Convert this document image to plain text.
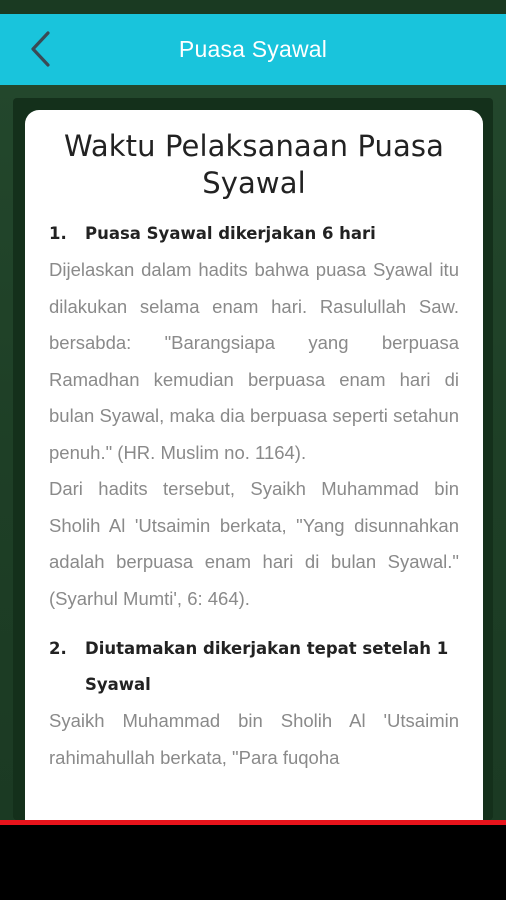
Puasa Syawal
Waktu Pelaksanaan Puasa Syawal
1.	Puasa Syawal dikerjakan 6 hari

Dijelaskan dalam hadits bahwa puasa Syawal itu dilakukan selama enam hari. Rasulullah Saw. bersabda: "Barangsiapa yang berpuasa Ramadhan kemudian berpuasa enam hari di bulan Syawal, maka dia berpuasa seperti setahun penuh." (HR. Muslim no. 1164).

Dari hadits tersebut, Syaikh Muhammad bin Sholih Al 'Utsaimin berkata, "Yang disunnahkan adalah berpuasa enam hari di bulan Syawal." (Syarhul Mumti', 6: 464).

2.	Diutamakan dikerjakan tepat setelah 1 Syawal

Syaikh Muhammad bin Sholih Al 'Utsaimin rahimahullah berkata, "Para fuqoha
